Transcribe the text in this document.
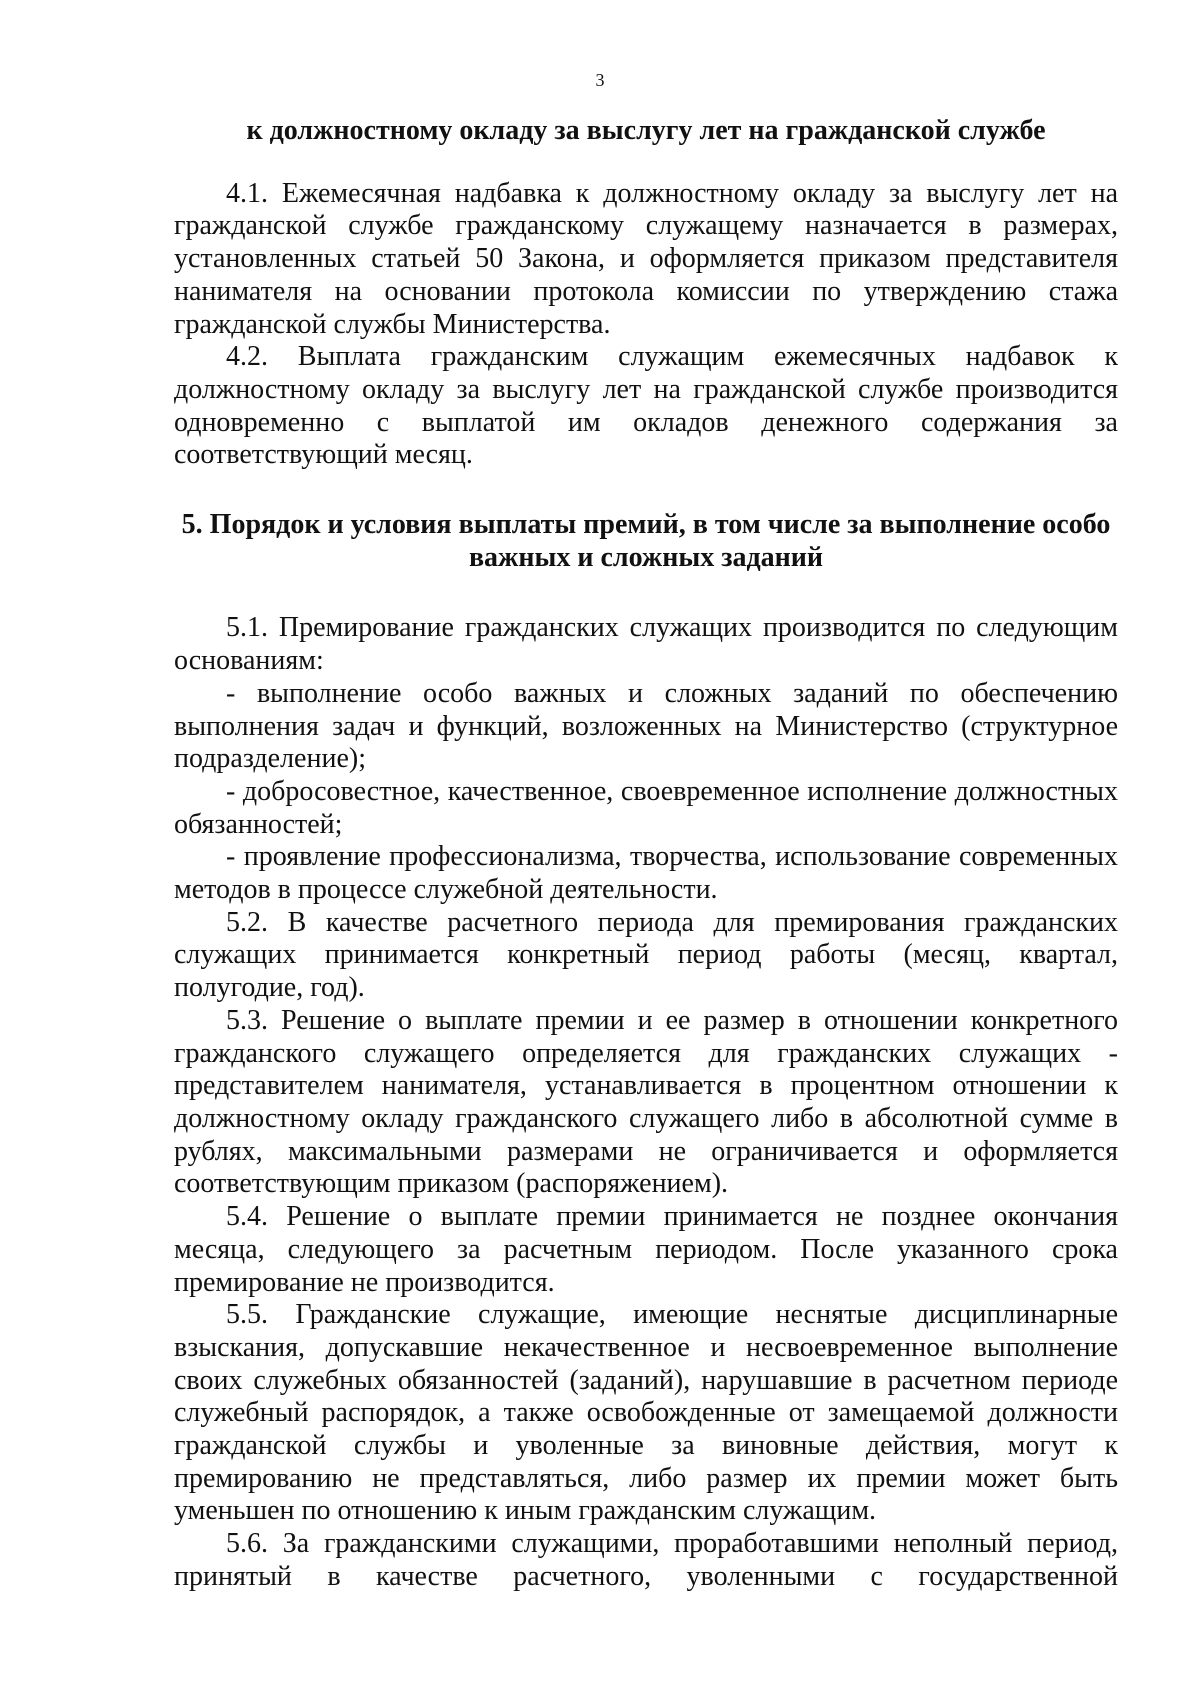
3

к должностному окладу за выслугу лет на гражданской службе

4.1. Ежемесячная надбавка к должностному окладу за выслугу лет на гражданской службе гражданскому служащему назначается в размерах, установленных статьей 50 Закона, и оформляется приказом представителя нанимателя на основании протокола комиссии по утверждению стажа гражданской службы Министерства.

4.2. Выплата гражданским служащим ежемесячных надбавок к должностному окладу за выслугу лет на гражданской службе производится одновременно с выплатой им окладов денежного содержания за соответствующий месяц.

5. Порядок и условия выплаты премий, в том числе за выполнение особо важных и сложных заданий

5.1. Премирование гражданских служащих производится по следующим основаниям:

- выполнение особо важных и сложных заданий по обеспечению выполнения задач и функций, возложенных на Министерство (структурное подразделение);

- добросовестное, качественное, своевременное исполнение должностных обязанностей;

- проявление профессионализма, творчества, использование современных методов в процессе служебной деятельности.

5.2. В качестве расчетного периода для премирования гражданских служащих принимается конкретный период работы (месяц, квартал, полугодие, год).

5.3. Решение о выплате премии и ее размер в отношении конкретного гражданского служащего определяется для гражданских служащих - представителем нанимателя, устанавливается в процентном отношении к должностному окладу гражданского служащего либо в абсолютной сумме в рублях, максимальными размерами не ограничивается и оформляется соответствующим приказом (распоряжением).

5.4. Решение о выплате премии принимается не позднее окончания месяца, следующего за расчетным периодом. После указанного срока премирование не производится.

5.5. Гражданские служащие, имеющие неснятые дисциплинарные взыскания, допускавшие некачественное и несвоевременное выполнение своих служебных обязанностей (заданий), нарушавшие в расчетном периоде служебный распорядок, а также освобожденные от замещаемой должности гражданской службы и уволенные за виновные действия, могут к премированию не представляться, либо размер их премии может быть уменьшен по отношению к иным гражданским служащим.

5.6. За гражданскими служащими, проработавшими неполный период, принятый в качестве расчетного, уволенными с государственной
